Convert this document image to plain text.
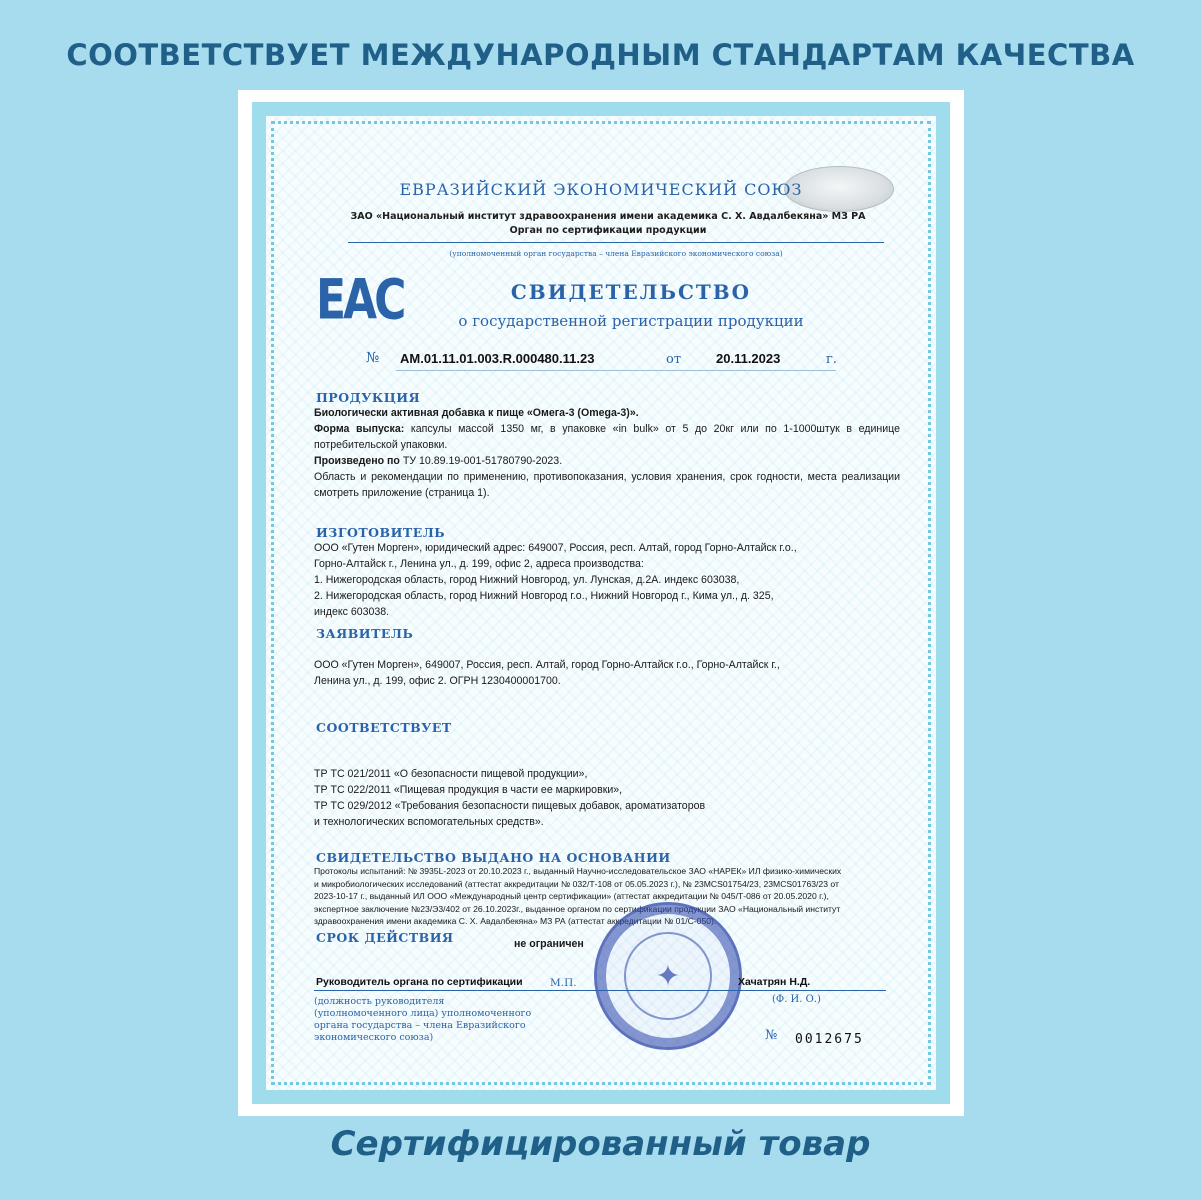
СООТВЕТСТВУЕТ МЕЖДУНАРОДНЫМ СТАНДАРТАМ КАЧЕСТВА
ЕВРАЗИЙСКИЙ ЭКОНОМИЧЕСКИЙ СОЮЗ
ЗАО «Национальный институт здравоохранения имени академика С. Х. Авдалбекяна» МЗ РА
Орган по сертификации продукции
(уполномоченный орган государства – члена Евразийского экономического союза)
EAC	СВИДЕТЕЛЬСТВО
о государственной регистрации продукции
№ AM.01.11.01.003.R.000480.11.23	от	20.11.2023	г.
ПРОДУКЦИЯ
Биологически активная добавка к пище «Омега-3 (Omega-3)».
Форма выпуска: капсулы массой 1350 мг, в упаковке «in bulk» от 5 до 20кг или по 1-1000штук в единице потребительской упаковки.
Произведено по ТУ 10.89.19-001-51780790-2023.
Область и рекомендации по применению, противопоказания, условия хранения, срок годности, места реализации смотреть приложение (страница 1).
ИЗГОТОВИТЕЛЬ
ООО «Гутен Морген», юридический адрес: 649007, Россия, респ. Алтай, город Горно-Алтайск г.о.,
Горно-Алтайск г., Ленина ул., д. 199, офис 2, адреса производства:
1. Нижегородская область, город Нижний Новгород, ул. Лунская, д.2А. индекс 603038,
2. Нижегородская область, город Нижний Новгород г.о., Нижний Новгород г., Кима ул., д. 325,
индекс 603038.
ЗАЯВИТЕЛЬ
ООО «Гутен Морген», 649007, Россия, респ. Алтай, город Горно-Алтайск г.о., Горно-Алтайск г.,
Ленина ул., д. 199, офис 2. ОГРН 1230400001700.
СООТВЕТСТВУЕТ
ТР ТС 021/2011 «О безопасности пищевой продукции»,
ТР ТС 022/2011 «Пищевая продукция в части ее маркировки»,
ТР ТС 029/2012 «Требования безопасности пищевых добавок, ароматизаторов
и технологических вспомогательных средств».
СВИДЕТЕЛЬСТВО ВЫДАНО НА ОСНОВАНИИ
Протоколы испытаний: № 3935L-2023 от 20.10.2023 г., выданный Научно-исследовательское ЗАО «НАРЕК» ИЛ физико-химических
и микробиологических исследований (аттестат аккредитации № 032/Т-108 от 05.05.2023 г.), № 23MCS01754/23, 23MCS01763/23 от
2023-10-17 г., выданный ИЛ ООО «Международный центр сертификации» (аттестат аккредитации № 045/Т-086 от 20.05.2020 г.),
экспертное заключение №23/Э3/402 от 26.10.2023г., выданное органом по сертификации продукции ЗАО «Национальный институт
здравоохранения имени академика С. Х. Авдалбекяна» МЗ РА (аттестат аккредитации № 01/С-050).
СРОК ДЕЙСТВИЯ	не ограничен
✦
Руководитель органа по сертификации	М.П.	Хачатрян Н.Д.
(Ф. И. О.)
(должность руководителя
(уполномоченного лица) уполномоченного
органа государства – члена Евразийского
экономического союза)	№ 0012675
Сертифицированный товар
